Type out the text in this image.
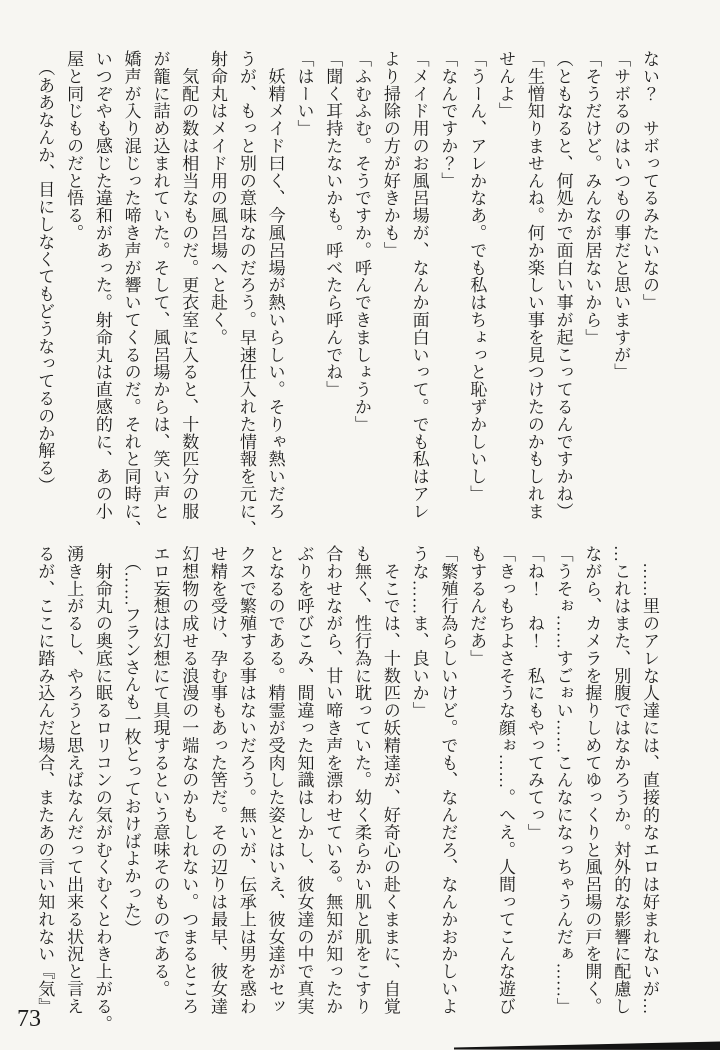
ない？　サボってるみたいなの」
「サボるのはいつもの事だと思いますが」
「そうだけど。みんなが居ないから」
（ともなると、何処かで面白い事が起こってるんですかね）
「生憎知りませんね。何か楽しい事を見つけたのかもしれま
せんよ」
「うーん、アレかなあ。でも私はちょっと恥ずかしいし」
「なんですか？」
「メイド用のお風呂場が、なんか面白いって。でも私はアレ
より掃除の方が好きかも」
「ふむふむ。そうですか。呼んできましょうか」
「聞く耳持たないかも。呼べたら呼んでね」
「はーい」
　妖精メイド曰く、今風呂場が熱いらしい。そりゃ熱いだろ
うが、もっと別の意味なのだろう。早速仕入れた情報を元に、
射命丸はメイド用の風呂場へと赴く。
　気配の数は相当なものだ。更衣室に入ると、十数匹分の服
が籠に詰め込まれていた。そして、風呂場からは、笑い声と
嬌声が入り混じった啼き声が響いてくるのだ。それと同時に、
いつぞやも感じた違和があった。射命丸は直感的に、あの小
屋と同じものだと悟る。
　（ああなんか、目にしなくてもどうなってるのか解る）
　……里のアレな人達には、直接的なエロは好まれないが…
…これはまた、別腹ではなかろうか。対外的な影響に配慮し
ながら、カメラを握りしめてゆっくりと風呂場の戸を開く。
「うそぉ……すごぉい……こんなになっちゃうんだぁ……」
「ね！　ね！　私にもやってみてっ」
「きっもちよさそうな顔ぉ……。へえ。人間ってこんな遊び
もするんだあ」
「繁殖行為らしいけど。でも、なんだろ、なんかおかしいよ
うな……ま、良いか」
　そこでは、十数匹の妖精達が、好奇心の赴くままに、自覚
も無く、性行為に耽っていた。幼く柔らかい肌と肌をこすり
合わせながら、甘い啼き声を漂わせている。無知が知ったか
ぶりを呼びこみ、間違った知識はしかし、彼女達の中で真実
となるのである。精霊が受肉した姿とはいえ、彼女達がセッ
クスで繁殖する事はないだろう。無いが、伝承上は男を惑わ
せ精を受け、孕む事もあった筈だ。その辺りは最早、彼女達
幻想物の成せる浪漫の一端なのかもしれない。つまるところ
エロ妄想は幻想にて具現するという意味そのものである。
　（……フランさんも一枚とっておけばよかった）
　射命丸の奥底に眠るロリコンの気がむくむくとわき上がる。
湧き上がるし、やろうと思えばなんだって出来る状況と言え
るが、ここに踏み込んだ場合、またあの言い知れない『気』
73
